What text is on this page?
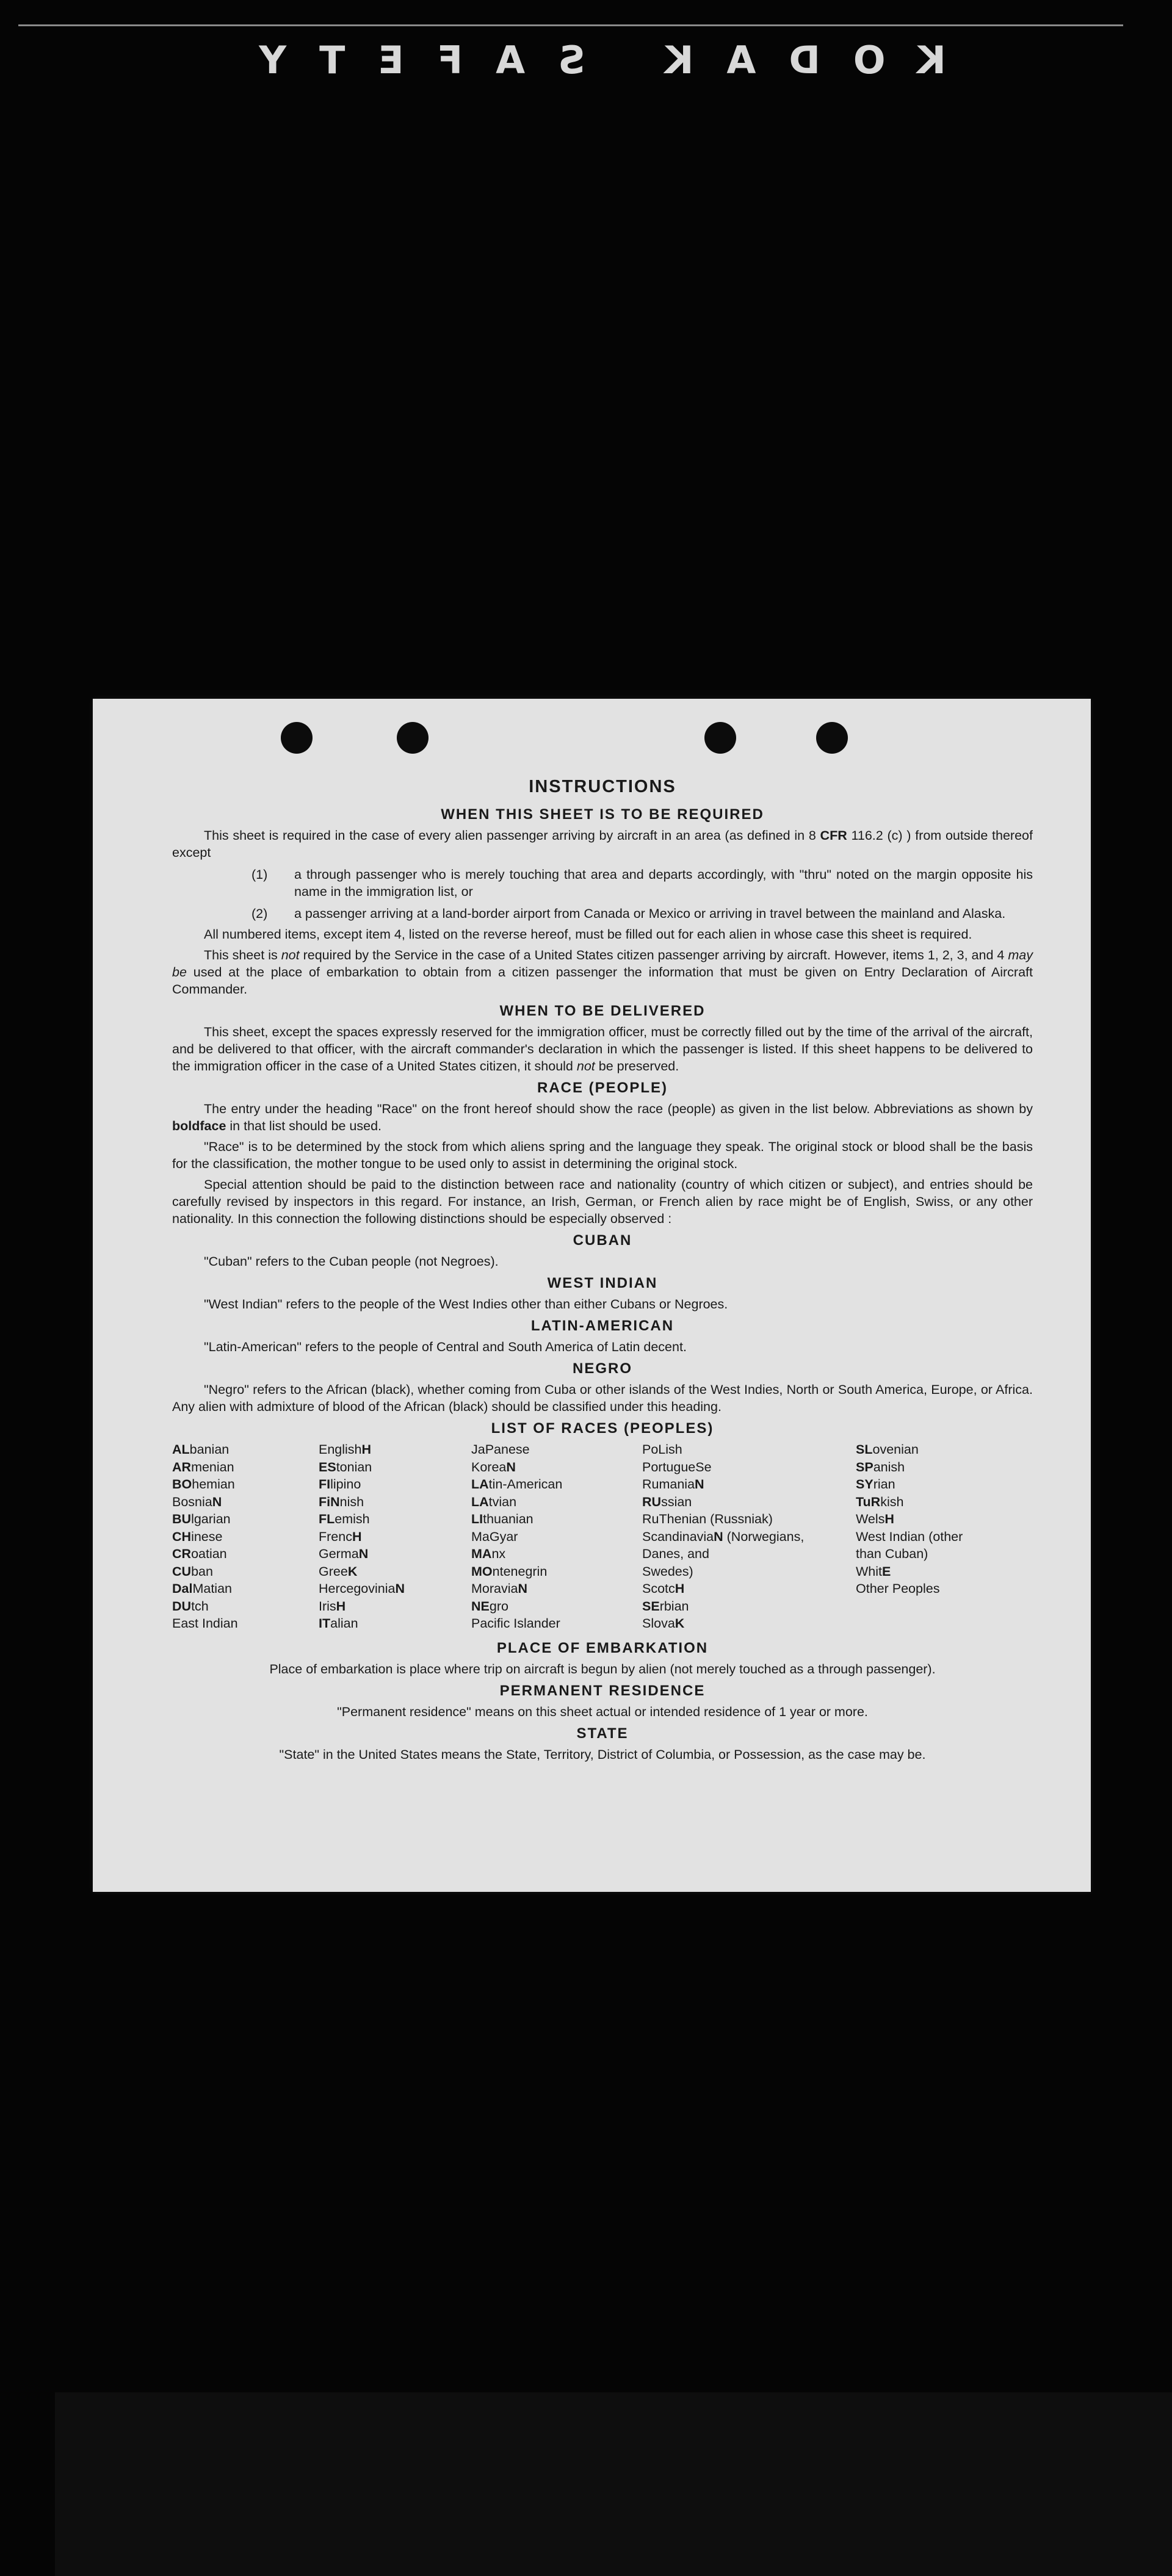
KODAK SAFETY
INSTRUCTIONS
WHEN THIS SHEET IS TO BE REQUIRED
This sheet is required in the case of every alien passenger arriving by aircraft in an area (as defined in 8 CFR 116.2 (c) ) from outside thereof except
(1)	a through passenger who is merely touching that area and departs accordingly, with "thru" noted on the margin opposite his name in the immigration list, or
(2)	a passenger arriving at a land-border airport from Canada or Mexico or arriving in travel between the mainland and Alaska.
All numbered items, except item 4, listed on the reverse hereof, must be filled out for each alien in whose case this sheet is required.
This sheet is not required by the Service in the case of a United States citizen passenger arriving by aircraft. However, items 1, 2, 3, and 4 may be used at the place of embarkation to obtain from a citizen passenger the information that must be given on Entry Declaration of Aircraft Commander.
WHEN TO BE DELIVERED
This sheet, except the spaces expressly reserved for the immigration officer, must be correctly filled out by the time of the arrival of the aircraft, and be delivered to that officer, with the aircraft commander's declaration in which the passenger is listed. If this sheet happens to be delivered to the immigration officer in the case of a United States citizen, it should not be preserved.
RACE (PEOPLE)
The entry under the heading "Race" on the front hereof should show the race (people) as given in the list below. Abbreviations as shown by boldface in that list should be used.
"Race" is to be determined by the stock from which aliens spring and the language they speak. The original stock or blood shall be the basis for the classification, the mother tongue to be used only to assist in determining the original stock.
Special attention should be paid to the distinction between race and nationality (country of which citizen or subject), and entries should be carefully revised by inspectors in this regard. For instance, an Irish, German, or French alien by race might be of English, Swiss, or any other nationality. In this connection the following distinctions should be especially observed :
CUBAN
"Cuban" refers to the Cuban people (not Negroes).
WEST INDIAN
"West Indian" refers to the people of the West Indies other than either Cubans or Negroes.
LATIN-AMERICAN
"Latin-American" refers to the people of Central and South America of Latin decent.
NEGRO
"Negro" refers to the African (black), whether coming from Cuba or other islands of the West Indies, North or South America, Europe, or Africa. Any alien with admixture of blood of the African (black) should be classified under this heading.
LIST OF RACES (PEOPLES)
ALbanian
ARmenian
BOhemian
BosniaN
BUlgarian
CHinese
CRoatian
CUban
DalMatian
DUtch
East Indian
EnglishH
EStonian
FIlipino
FiNnish
FLemish
FrencH
GermaN
GreeK
HercegoviniaN
IrisH
ITalian
JaPanese
KoreaN
LAtin-American
LAtvian
LIthuanian
MaGyar
MAnx
MOntenegrin
MoraviaN
NEgro
Pacific Islander
PoLish
PortugueSe
RumaniaN
RUssian
RuThenian (Russniak)
ScandinaviaN (Norwegians,
Danes, and
Swedes)
ScotcH
SErbian
SlovaK
SLovenian
SPanish
SYrian
TuRkish
WelsH
West Indian (other
than Cuban)
WhitE
Other Peoples
PLACE OF EMBARKATION
Place of embarkation is place where trip on aircraft is begun by alien (not merely touched as a through passenger).
PERMANENT RESIDENCE
"Permanent residence" means on this sheet actual or intended residence of 1 year or more.
STATE
"State" in the United States means the State, Territory, District of Columbia, or Possession, as the case may be.
